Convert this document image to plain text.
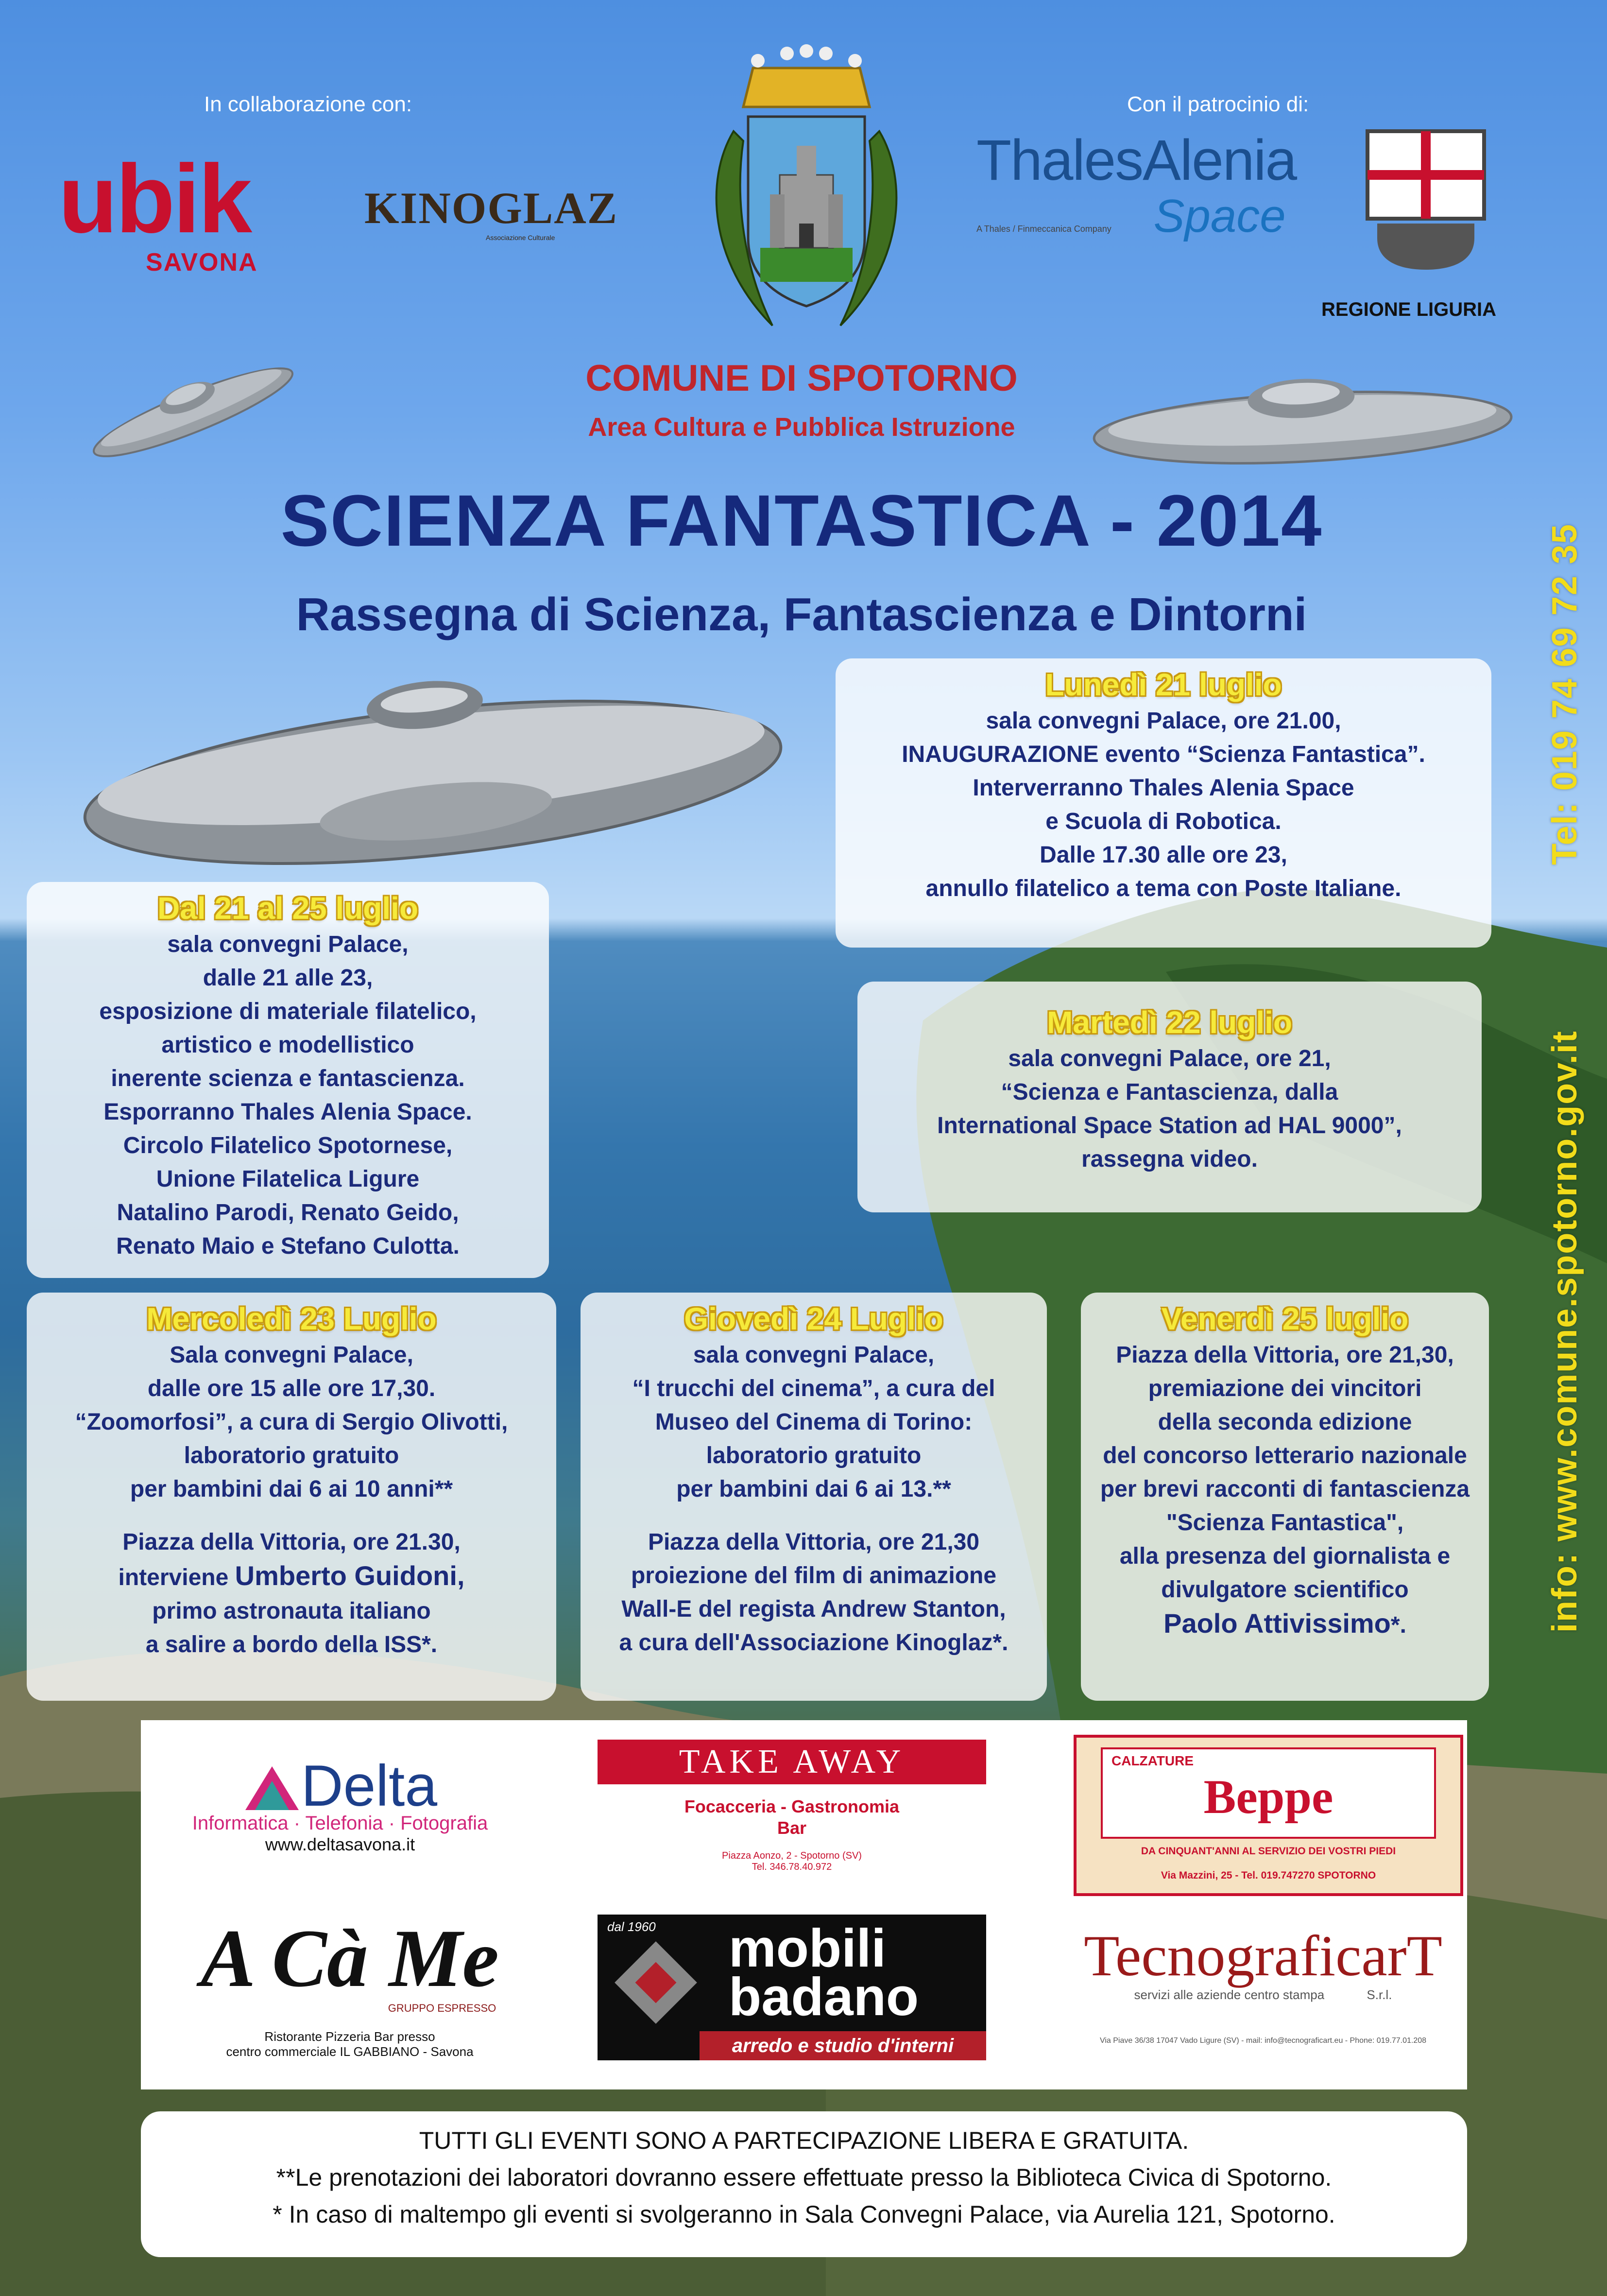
In collaborazione con:	Con il patrocinio di:
ubik
SAVONA
KINOGLAZ
Associazione Culturale
ThalesAlenia
A Thales / Finmeccanica Company Space
REGIONE LIGURIA
COMUNE DI SPOTORNO
Area Cultura e Pubblica Istruzione
SCIENZA FANTASTICA - 2014
Rassegna di Scienza, Fantascienza e Dintorni	Tel: 019 74 69 72 35
info: www.comune.spotorno.gov.it
Lunedì 21 luglio

sala convegni Palace, ore 21.00,
INAUGURAZIONE evento “Scienza Fantastica”.
Interverranno Thales Alenia Space
e Scuola di Robotica.
Dalle 17.30 alle ore 23,
annullo filatelico a tema con Poste Italiane.

Dal 21 al 25 luglio

sala convegni Palace,
dalle 21 alle 23,
esposizione di materiale filatelico,
artistico e modellistico
inerente scienza e fantascienza.
Esporranno Thales Alenia Space.
Circolo Filatelico Spotornese,
Unione Filatelica Ligure
Natalino Parodi, Renato Geido,
Renato Maio e Stefano Culotta.

Martedì 22 luglio

sala convegni Palace, ore 21,
“Scienza e Fantascienza, dalla
International Space Station ad HAL 9000”,
rassegna video.

Mercoledì 23 Luglio

Sala convegni Palace,
dalle ore 15 alle ore 17,30.
“Zoomorfosi”, a cura di Sergio Olivotti,
laboratorio gratuito
per bambini dai 6 ai 10 anni**

Piazza della Vittoria, ore 21.30,

interviene Umberto Guidoni,

primo astronauta italiano
a salire a bordo della ISS*.

Giovedì 24 Luglio

sala convegni Palace,
“I trucchi del cinema”, a cura del
Museo del Cinema di Torino:
laboratorio gratuito
per bambini dai 6 ai 13.**

Piazza della Vittoria, ore 21,30
proiezione del film di animazione
Wall-E del regista Andrew Stanton,
a cura dell'Associazione Kinoglaz*.

Venerdì 25 luglio

Piazza della Vittoria, ore 21,30,
premiazione dei vincitori
della seconda edizione
del concorso letterario nazionale
per brevi racconti di fantascienza
"Scienza Fantastica",
alla presenza del giornalista e
divulgatore scientifico

Paolo Attivissimo*.

Delta
Informatica · Telefonia · Fotografia
www.deltasavona.it
TAKE AWAY
Focacceria - Gastronomia
Bar
Piazza Aonzo, 2 - Spotorno (SV)
Tel. 346.78.40.972
CALZATURE
Beppe
DA CINQUANT'ANNI AL SERVIZIO DEI VOSTRI PIEDI
Via Mazzini, 25 - Tel. 019.747270 SPOTORNO
A Cà Me
GRUPPO ESPRESSO
Ristorante Pizzeria Bar presso
centro commerciale IL GABBIANO - Savona
dal 1960 mobili
badano
arredo e studio d'interni
TecnograficarT
servizi alle aziende centro stampa	S.r.l.
Via Piave 36/38 17047 Vado Ligure (SV) - mail: info@tecnograficart.eu - Phone: 019.77.01.208
TUTTI GLI EVENTI SONO A PARTECIPAZIONE LIBERA E GRATUITA.
**Le prenotazioni dei laboratori dovranno essere effettuate presso la Biblioteca Civica di Spotorno.
* In caso di maltempo gli eventi si svolgeranno in Sala Convegni Palace, via Aurelia 121, Spotorno.
